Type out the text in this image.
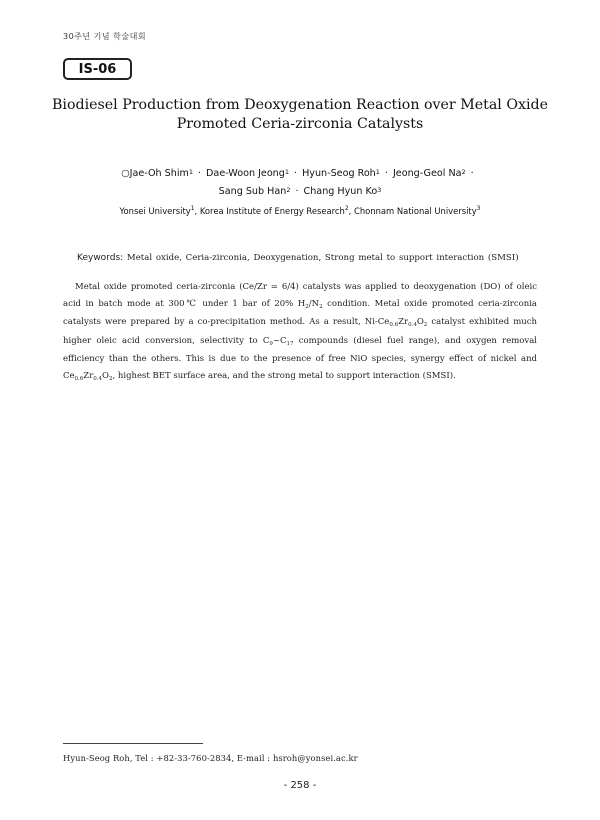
30주년 기념 학술대회
IS-06
Biodiesel Production from Deoxygenation Reaction over Metal Oxide
Promoted Ceria-zirconia Catalysts
○Jae-Oh Shim$^1$ · Dae-Woon Jeong$^1$ · Hyun-Seog Roh$^1$ · Jeong-Geol $Na^2$ ·
Sang Sub Han$^2$ · Chang Hyun Ko$^3$
Yonsei University$^1$, Korea Institute of Energy Research$^2$, Chonnam National University$^3$
Keywords: Metal oxide, Ceria-zirconia, Deoxygenation, Strong metal to support interaction (SMSI)
Metal oxide promoted ceria-zirconia (Ce/Zr = 6/4) catalysts was applied to deoxygenation (DO) of oleic
acid in batch mode at 300℃ under 1 bar of 20% $H_2/N_2$ condition. Metal oxide promoted ceria-zirconia
catalysts were prepared by a co-precipitation method. As a result, $Ni-Ce_{0.6}Zr_{0.4}O_2$ catalyst exhibited much
higher oleic acid conversion, selectivity to $C_9\sim C_{17}$ compounds (diesel fuel range), and oxygen removal
efficiency than the others. This is due to the presence of free NiO species, synergy effect of nickel and
$Ce_{0.6}Zr_{0.4}O_2$, highest BET surface area, and the strong metal to support interaction (SMSI).
Hyun-Seog Roh, Tel : +82-33-760-2834, E-mail : hsroh@yonsei.ac.kr
- 258 -
